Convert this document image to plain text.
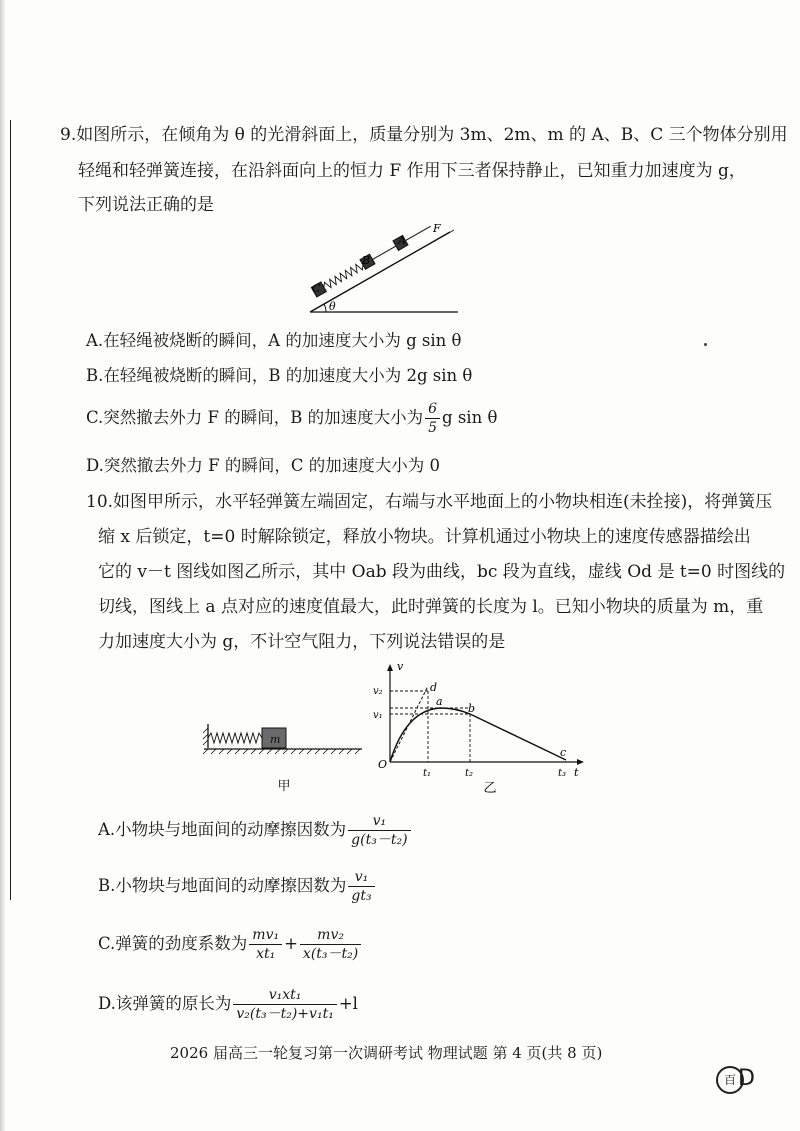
9.如图所示，在倾角为 θ 的光滑斜面上，质量分别为 3m、2m、m 的 A、B、C 三个物体分别用
轻绳和轻弹簧连接，在沿斜面向上的恒力 F 作用下三者保持静止，已知重力加速度为 g，
下列说法正确的是
θ
C
B
A
F
A.在轻绳被烧断的瞬间，A 的加速度大小为 g sin θ
B.在轻绳被烧断的瞬间，B 的加速度大小为 2g sin θ
C.突然撤去外力 F 的瞬间，B 的加速度大小为 $\frac{6}{5}$ g sin θ
D.突然撤去外力 F 的瞬间，C 的加速度大小为 0
10.如图甲所示，水平轻弹簧左端固定，右端与水平地面上的小物块相连(未拴接)，将弹簧压
缩 x 后锁定，t=0 时解除锁定，释放小物块。计算机通过小物块上的速度传感器描绘出
它的 v－t 图线如图乙所示，其中 Oab 段为曲线，bc 段为直线，虚线 Od 是 t=0 时图线的
切线，图线上 a 点对应的速度值最大，此时弹簧的长度为 l。已知小物块的质量为 m，重
力加速度大小为 g，不计空气阻力，下列说法错误的是
m
甲
v
t
O
v₂
v₁
d
a
b
c
t₁	t₂	t₃
乙
A.小物块与地面间的动摩擦因数为 $\frac{\text{v₁}}{\text{g(t₃－t₂)}}$
B.小物块与地面间的动摩擦因数为 $\frac{\text{v₁}}{\text{gt₃}}$
C.弹簧的劲度系数为 $\frac{\text{mv₁}}{\text{xt₁}} + \frac{\text{mv₂}}{\text{x(t₃－t₂)}}$
D.该弹簧的原长为 $\frac{\text{v₁xt₁}}{\text{v₂(t₃－t₂)+v₁t₁}} +l$
2026 届高三一轮复习第一次调研考试 物理试题 第 4 页(共 8 页)
百 D
